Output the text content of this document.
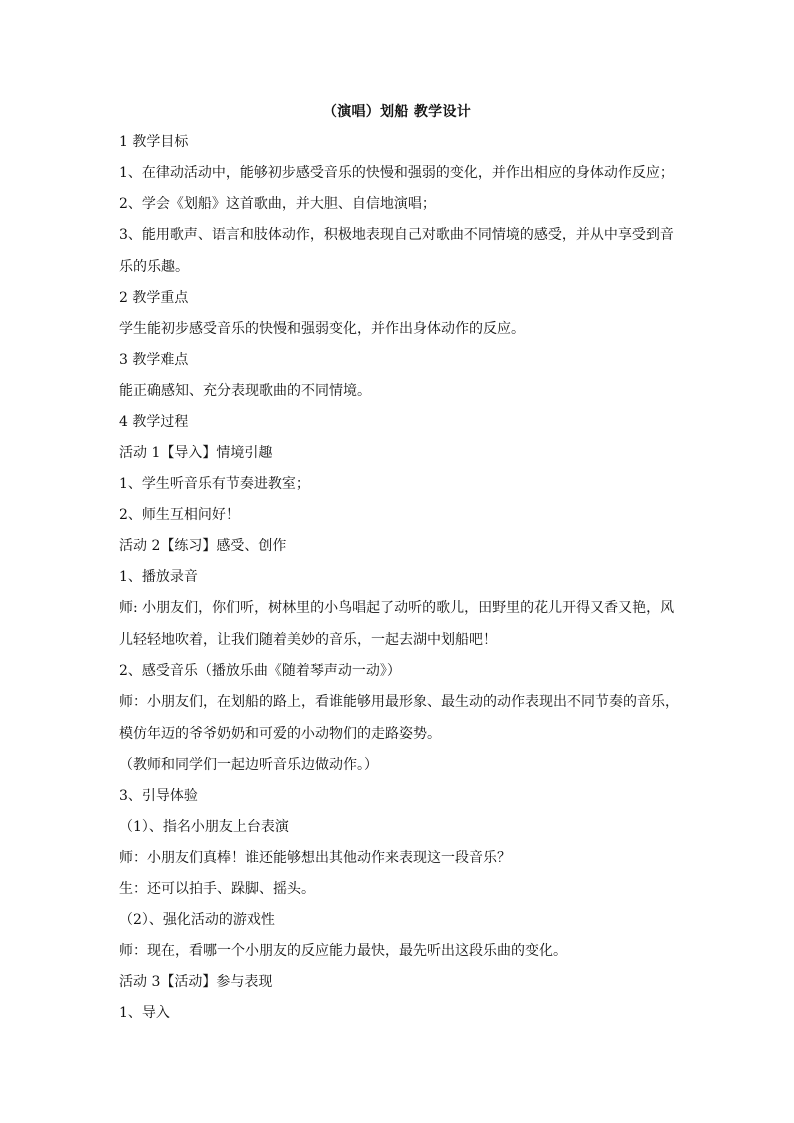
（演唱）划船 教学设计
1 教学目标
1、在律动活动中，能够初步感受音乐的快慢和强弱的变化，并作出相应的身体动作反应；
2、学会《划船》这首歌曲，并大胆、自信地演唱；
3、能用歌声、语言和肢体动作，积极地表现自己对歌曲不同情境的感受，并从中享受到音
乐的乐趣。
2 教学重点
学生能初步感受音乐的快慢和强弱变化，并作出身体动作的反应。
3 教学难点
能正确感知、充分表现歌曲的不同情境。
4 教学过程
活动 1【导入】情境引趣
1、学生听音乐有节奏进教室；
2、师生互相问好！
活动 2【练习】感受、创作
1、播放录音
师: 小朋友们，你们听，树林里的小鸟唱起了动听的歌儿，田野里的花儿开得又香又艳，风
儿轻轻地吹着，让我们随着美妙的音乐，一起去湖中划船吧！
2、感受音乐（播放乐曲《随着琴声动一动》）
师：小朋友们，在划船的路上，看谁能够用最形象、最生动的动作表现出不同节奏的音乐，
模仿年迈的爷爷奶奶和可爱的小动物们的走路姿势。
（教师和同学们一起边听音乐边做动作。）
3、引导体验
（1）、指名小朋友上台表演
师：小朋友们真棒！谁还能够想出其他动作来表现这一段音乐？
生：还可以拍手、跺脚、摇头。
（2）、强化活动的游戏性
师：现在，看哪一个小朋友的反应能力最快，最先听出这段乐曲的变化。
活动 3【活动】参与表现
1、导入
